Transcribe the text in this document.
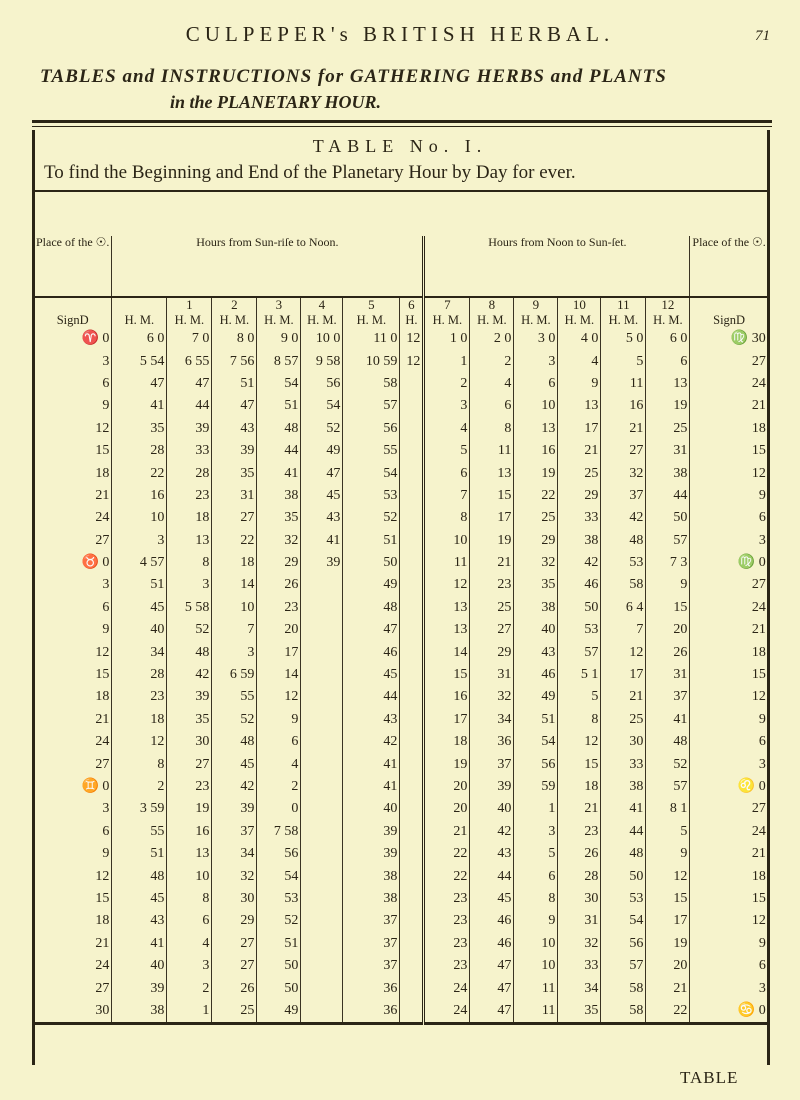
CULPEPER's BRITISH HERBAL.	71
TABLES and INSTRUCTIONS for GATHERING HERBS and PLANTS
in the PLANETARY HOUR.
TABLE No. I.
To find the Beginning and End of the Planetary Hour by Day for ever.
Place of the ☉.	Hours from Sun-riſe to Noon.							Hours from Noon to Sun-ſet.						Place of the ☉.
		1	2	3	4	5	6	7	8	9	10	11	12	
SignD	H. M.	H. M.	H. M.	H. M.	H. M.	H. M.	H.	H. M.	H. M.	H. M.	H. M.	H. M.	H. M.	SignD
♈ 0	6 0	7 0	8 0	9 0	10 0	11 0	12	1 0	2 0	3 0	4 0	5 0	6 0	♍ 30
3	5 54	6 55	7 56	8 57	9 58	10 59	12	1	2	3	4	5	6	27
6	47	47	51	54	56	58		2	4	6	9	11	13	24
9	41	44	47	51	54	57		3	6	10	13	16	19	21
12	35	39	43	48	52	56		4	8	13	17	21	25	18
15	28	33	39	44	49	55		5	11	16	21	27	31	15
18	22	28	35	41	47	54		6	13	19	25	32	38	12
21	16	23	31	38	45	53		7	15	22	29	37	44	9
24	10	18	27	35	43	52		8	17	25	33	42	50	6
27	3	13	22	32	41	51		10	19	29	38	48	57	3
♉ 0	4 57	8	18	29	39	50		11	21	32	42	53	7 3	♍ 0
3	51	3	14	26		49		12	23	35	46	58	9	27
6	45	5 58	10	23		48		13	25	38	50	6 4	15	24
9	40	52	7	20		47		13	27	40	53	7	20	21
12	34	48	3	17		46		14	29	43	57	12	26	18
15	28	42	6 59	14		45		15	31	46	5 1	17	31	15
18	23	39	55	12		44		16	32	49	5	21	37	12
21	18	35	52	9		43		17	34	51	8	25	41	9
24	12	30	48	6		42		18	36	54	12	30	48	6
27	8	27	45	4		41		19	37	56	15	33	52	3
♊ 0	2	23	42	2		41		20	39	59	18	38	57	♌ 0
3	3 59	19	39	0		40		20	40	1	21	41	8 1	27
6	55	16	37	7 58		39		21	42	3	23	44	5	24
9	51	13	34	56		39		22	43	5	26	48	9	21
12	48	10	32	54		38		22	44	6	28	50	12	18
15	45	8	30	53		38		23	45	8	30	53	15	15
18	43	6	29	52		37		23	46	9	31	54	17	12
21	41	4	27	51		37		23	46	10	32	56	19	9
24	40	3	27	50		37		23	47	10	33	57	20	6
27	39	2	26	50		36		24	47	11	34	58	21	3
30	38	1	25	49		36		24	47	11	35	58	22	♋ 0

TABLE
